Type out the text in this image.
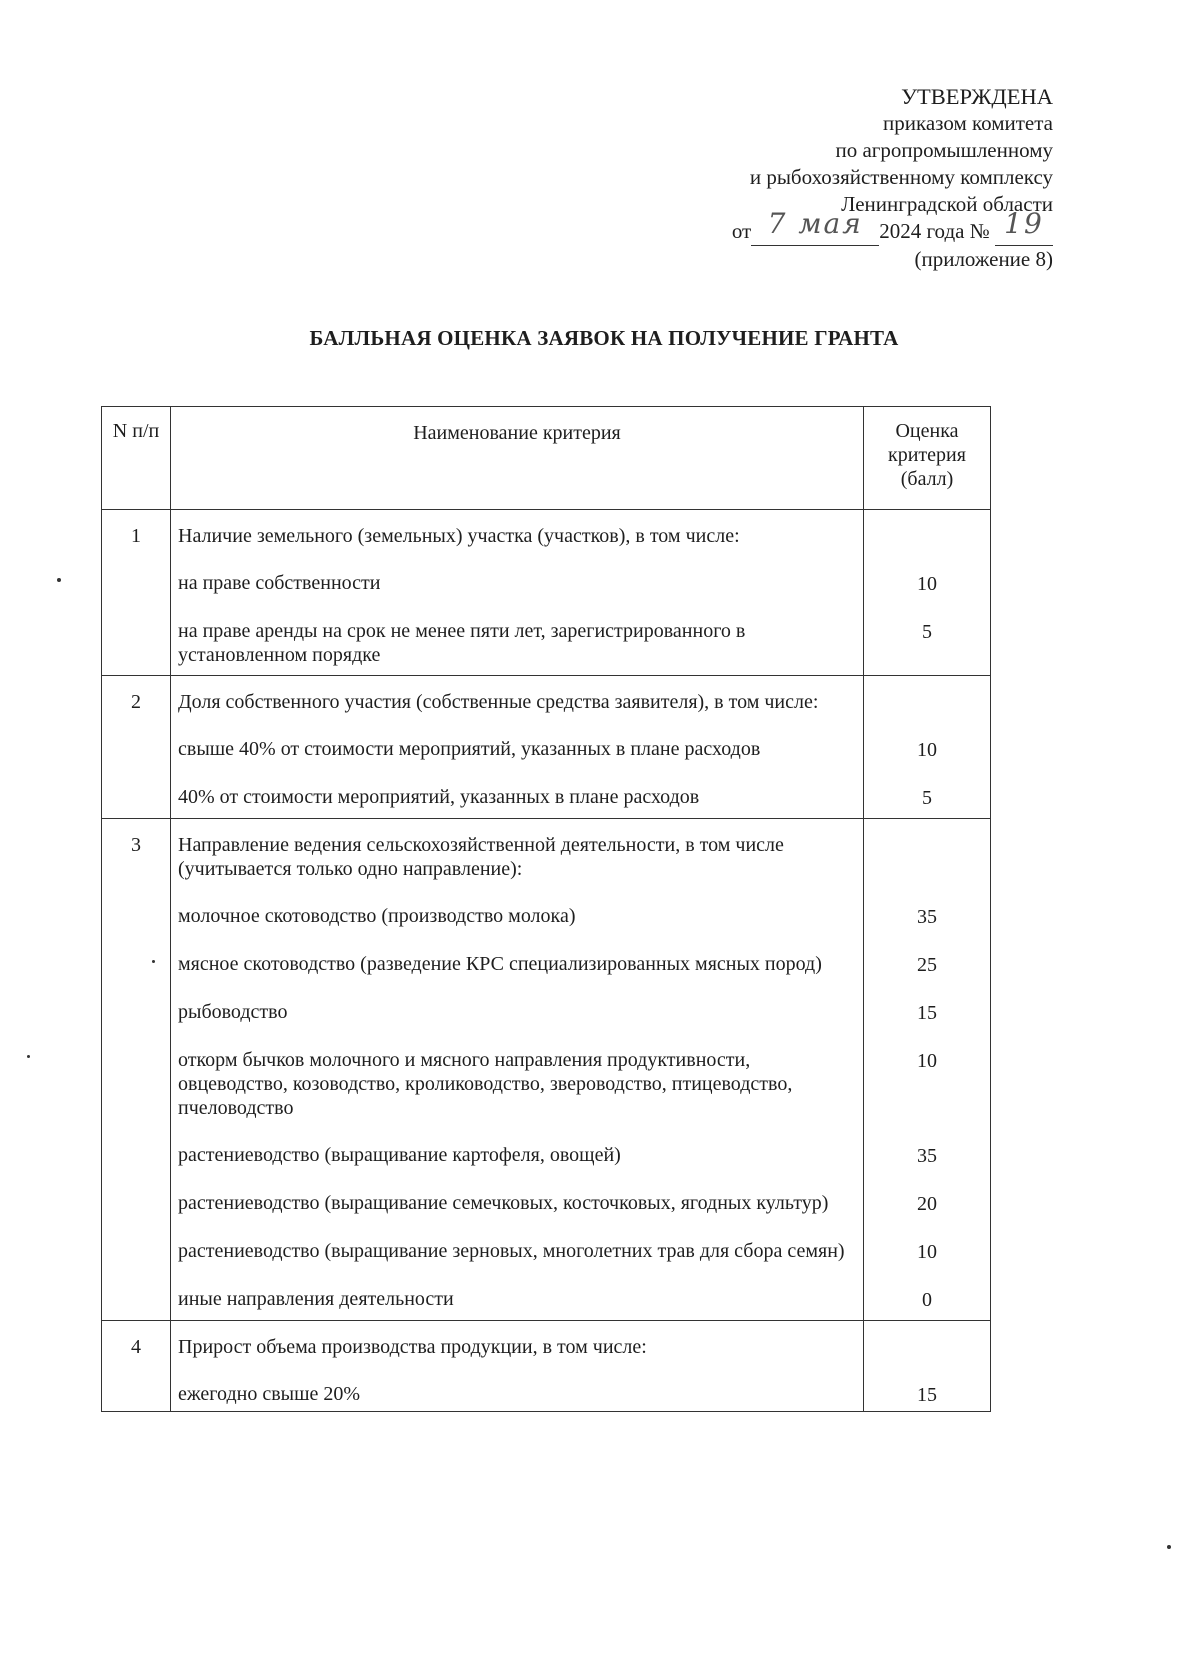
УТВЕРЖДЕНА
приказом комитета
по агропромышленному
и рыбохозяйственному комплексу
Ленинградской области
от 7 мая 2024 года № 19
(приложение 8)
БАЛЛЬНАЯ ОЦЕНКА ЗАЯВОК НА ПОЛУЧЕНИЕ ГРАНТА
N п/п	Наименование критерия	Оценка критерия (балл)
1	Наличие земельного (земельных) участка (участков), в том числе:	
	на праве собственности	10
	на праве аренды на срок не менее пяти лет, зарегистрированного в установленном порядке	5
2	Доля собственного участия (собственные средства заявителя), в том числе:	
	свыше 40% от стоимости мероприятий, указанных в плане расходов	10
	40% от стоимости мероприятий, указанных в плане расходов	5
3	Направление ведения сельскохозяйственной деятельности, в том числе (учитывается только одно направление):	
	молочное скотоводство (производство молока)	35
	мясное скотоводство (разведение КРС специализированных мясных пород)	25
	рыбоводство	15
	откорм бычков молочного и мясного направления продуктивности, овцеводство, козоводство, кролиководство, звероводство, птицеводство, пчеловодство	10
	растениеводство (выращивание картофеля, овощей)	35
	растениеводство (выращивание семечковых, косточковых, ягодных культур)	20
	растениеводство (выращивание зерновых, многолетних трав для сбора семян)	10
	иные направления деятельности	0
4	Прирост объема производства продукции, в том числе:	
	ежегодно свыше 20%	15
